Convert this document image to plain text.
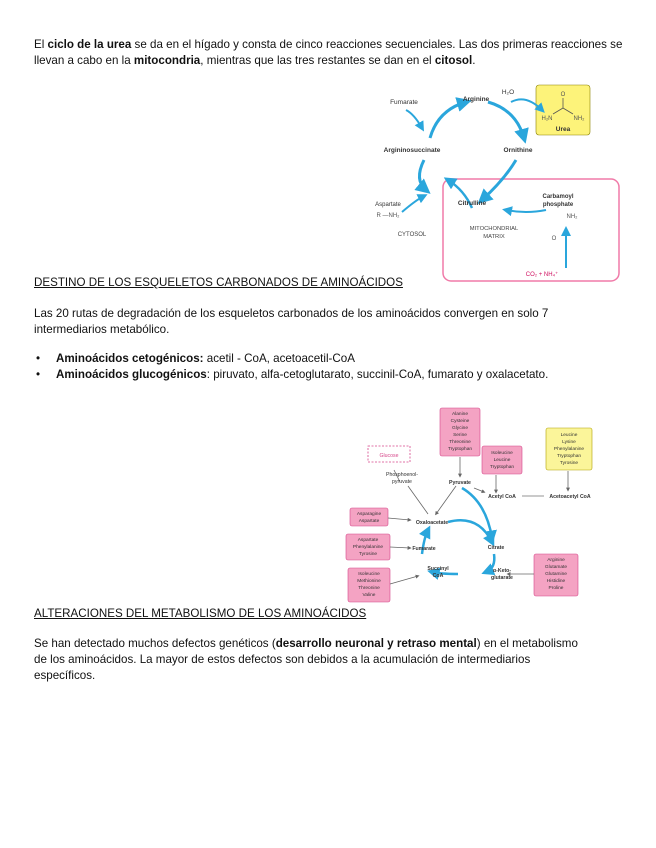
El ciclo de la urea se da en el hígado y consta de cinco reacciones secuenciales. Las dos primeras reacciones se llevan a cabo en la mitocondria, mientras que las tres restantes se dan en el citosol.

Fumarate	Arginine
H₂O	O
H₂N	NH₂
Urea
Argininosuccinate	Ornithine
Aspartate
R —NH₂
Citrulline
Carbamoyl
phosphate
NH₂
O
CYTOSOL
MITOCHONDRIAL
MATRIX
CO₂ + NH₄⁺

DESTINO DE LOS ESQUELETOS CARBONADOS DE AMINOÁCIDOS

Las 20 rutas de degradación de los esqueletos carbonados de los aminoácidos convergen en solo 7 intermediarios metabólico.

• Aminoácidos cetogénicos: acetil - CoA, acetoacetil-CoA
• Aminoácidos glucogénicos: piruvato, alfa-cetoglutarato, succinil-CoA, fumarato y oxalacetato.
Alanine
Cysteine
Glycine
Serine
Threonine
Tryptophan
Isoleucine
Leucine
Tryptophan
Leucine
Lysine
Phenylalanine
Tryptophan
Tyrosine
Asparagine
Aspartate
Aspartate
Phenylalanine
Tyrosine
Isoleucine
Methionine
Threonine
Valine
Arginine
Glutamate
Glutamine
Histidine
Proline
Glucose
Phosphoenol-
pyruvate	Pyruvate
Acetyl CoA	Acetoacetyl CoA
Oxaloacetate
Fumarate	Citrate
α-Keto-
glutarate
Succinyl
CoA

ALTERACIONES DEL METABOLISMO DE LOS AMINOÁCIDOS

Se han detectado muchos defectos genéticos (desarrollo neuronal y retraso mental) en el metabolismo de los aminoácidos. La mayor de estos defectos son debidos a la acumulación de intermediarios específicos.
